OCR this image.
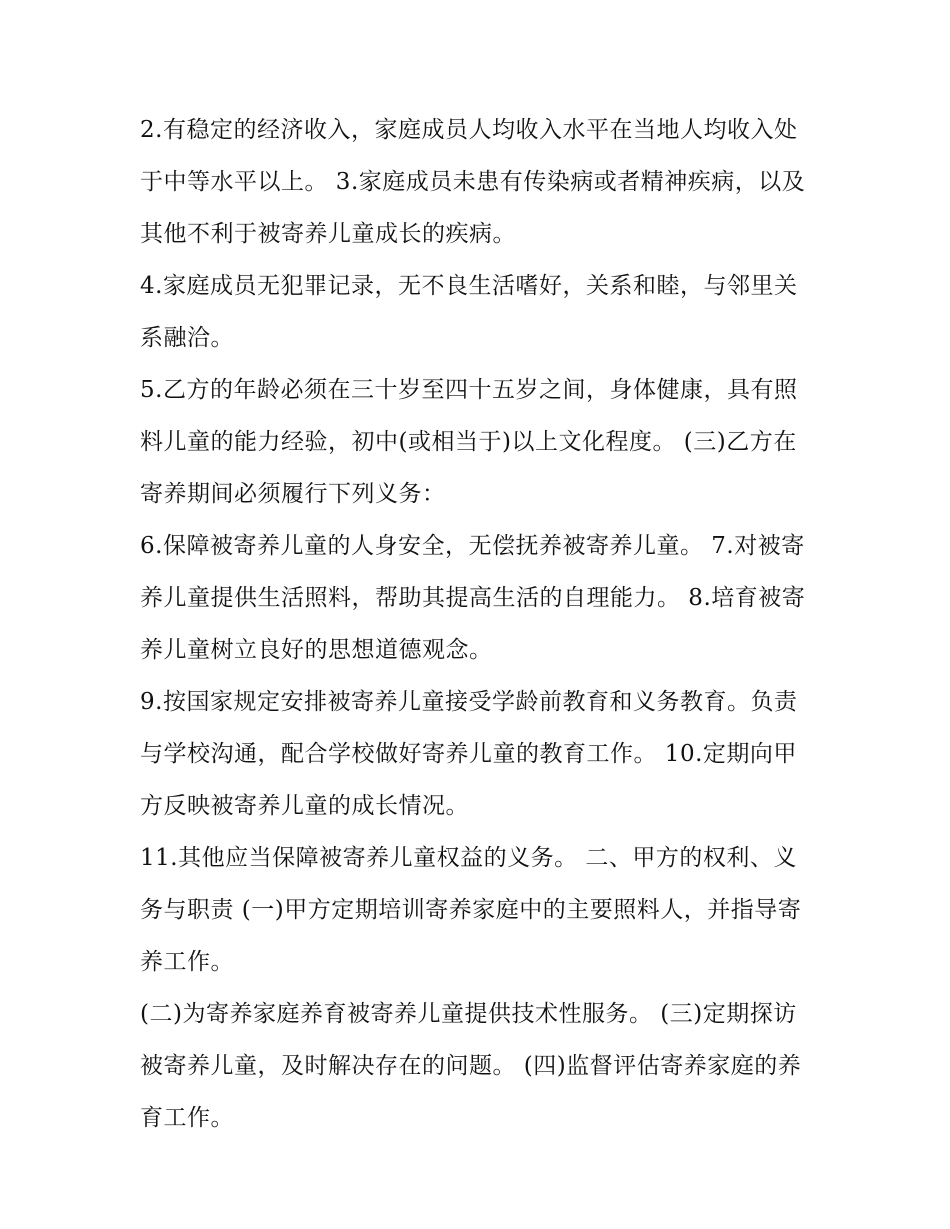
2.有稳定的经济收入，家庭成员人均收入水平在当地人均收入处于中等水平以上。 3.家庭成员未患有传染病或者精神疾病，以及其他不利于被寄养儿童成长的疾病。

4.家庭成员无犯罪记录，无不良生活嗜好，关系和睦，与邻里关系融洽。

5.乙方的年龄必须在三十岁至四十五岁之间，身体健康，具有照料儿童的能力经验，初中(或相当于)以上文化程度。 (三)乙方在寄养期间必须履行下列义务：

6.保障被寄养儿童的人身安全，无偿抚养被寄养儿童。 7.对被寄养儿童提供生活照料，帮助其提高生活的自理能力。 8.培育被寄养儿童树立良好的思想道德观念。

9.按国家规定安排被寄养儿童接受学龄前教育和义务教育。负责与学校沟通，配合学校做好寄养儿童的教育工作。 10.定期向甲方反映被寄养儿童的成长情况。

11.其他应当保障被寄养儿童权益的义务。 二、甲方的权利、义务与职责 (一)甲方定期培训寄养家庭中的主要照料人，并指导寄养工作。

(二)为寄养家庭养育被寄养儿童提供技术性服务。 (三)定期探访被寄养儿童，及时解决存在的问题。 (四)监督评估寄养家庭的养育工作。
